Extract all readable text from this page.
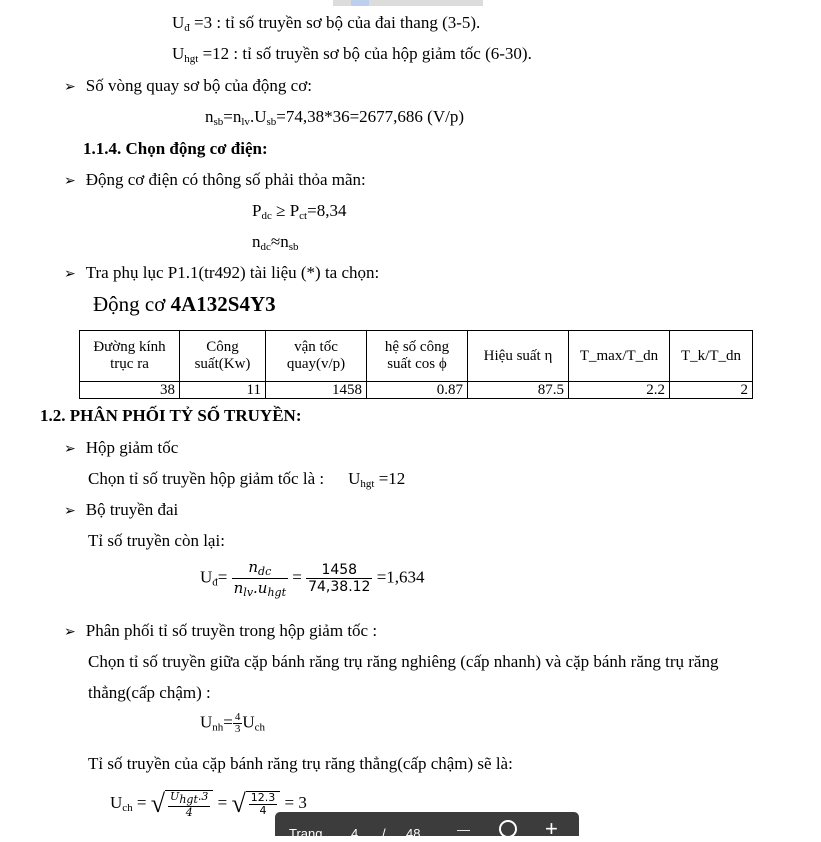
$U_đ =3$ : tỉ số truyền sơ bộ của đai thang (3-5).
$U_{hgt} =12$ : tỉ số truyền sơ bộ của hộp giảm tốc (6-30).
➢ Số vòng quay sơ bộ của động cơ:
$n_{sb}=n_{lv}.U_{sb}=74,38*36=2677,686$ (V/p)
1.1.4. Chọn động cơ điện:
➢ Động cơ điện có thông số phải thỏa mãn:
$P_{dc} \ge P_{ct}=8,34$
$n_{dc}\approx n_{sb}$
➢ Tra phụ lục P1.1(tr492) tài liệu (*) ta chọn:
Động cơ 4A132S4Y3
Đường kính trục ra	Công suất(Kw)	vận tốc quay(v/p)	hệ số công suất cos ϕ	Hiệu suất η	T_max/T_dn	T_k/T_dn
38	11	1458	0.87	87.5	2.2	2
1.2. PHÂN PHỐI TỶ SỐ TRUYỀN:
➢ Hộp giảm tốc
Chọn tỉ số truyền hộp giảm tốc là : $U_{hgt} =12$
➢ Bộ truyền đai
Tỉ số truyền còn lại:
$U_đ= \frac{n_{dc}}{n_{lv}.u_{hgt}} = \frac{1458}{74,38.12} =1,634$
➢ Phân phối tỉ số truyền trong hộp giảm tốc :
Chọn tỉ số truyền giữa cặp bánh răng trụ răng nghiêng (cấp nhanh) và cặp bánh răng trụ răng
thẳng(cấp chậm) :
$U_{nh}= \frac{4}{3} U_{ch}$
Tỉ số truyền của cặp bánh răng trụ răng thẳng(cấp chậm) sẽ là:
$U_{ch}$ = √ $\frac{U_{hgt}.3}{4}$ = √ $\frac{12.3}{4} = 3$
Trang 4 / 48	—	+
